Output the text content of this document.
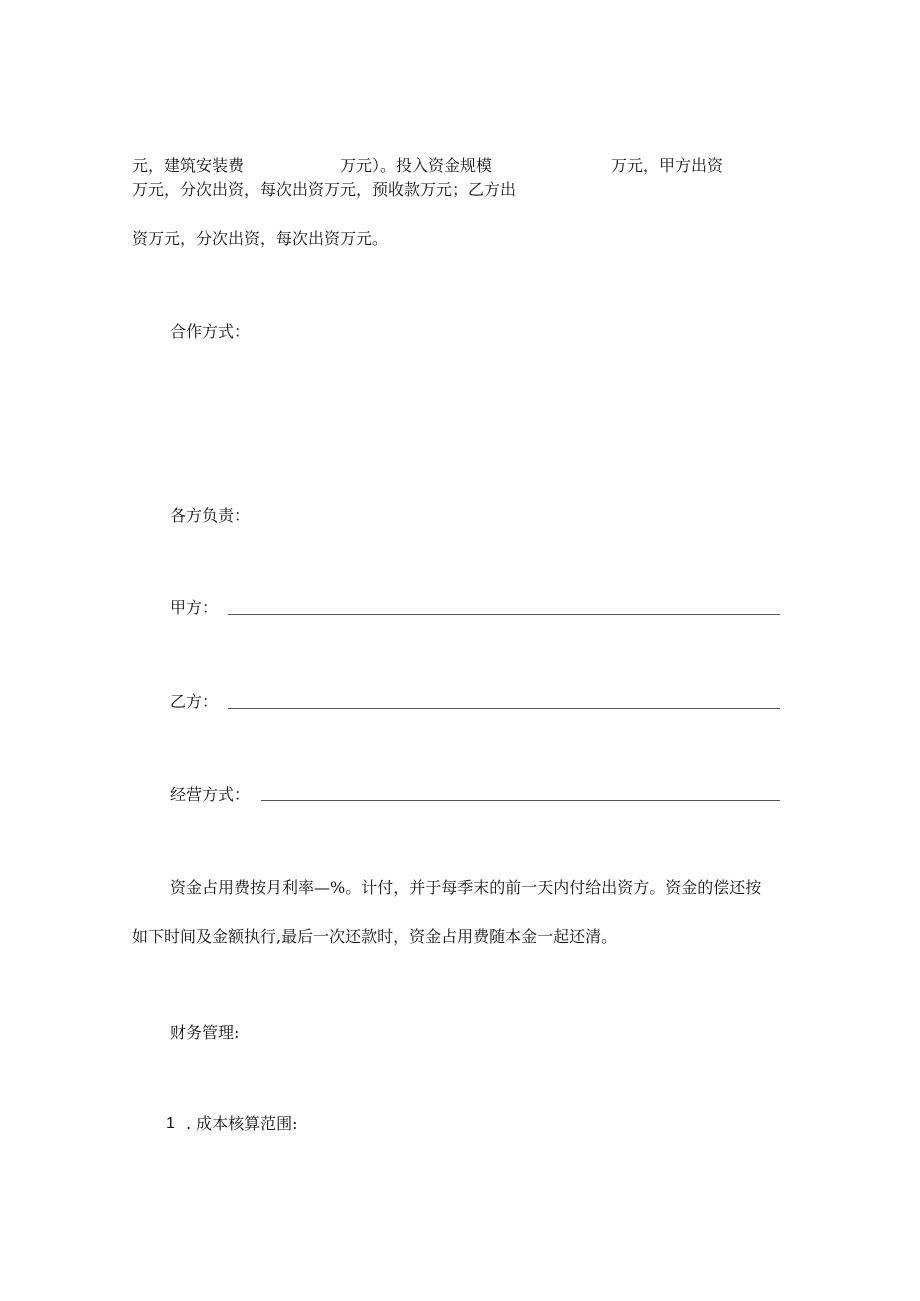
元，建筑安装费	万元）。投入资金规模	万元，甲方出资

万元，分次出资，每次出资万元，预收款万元；乙方出

资万元，分次出资，每次出资万元。

合作方式：

各方负责：

甲方：

乙方：

经营方式：

资金占用费按月利率—%。计付，并于每季末的前一天内付给出资方。资金的偿还按

如下时间及金额执行,最后一次还款时，资金占用费随本金一起还清。

财务管理:

1 . 成本核算范围:
